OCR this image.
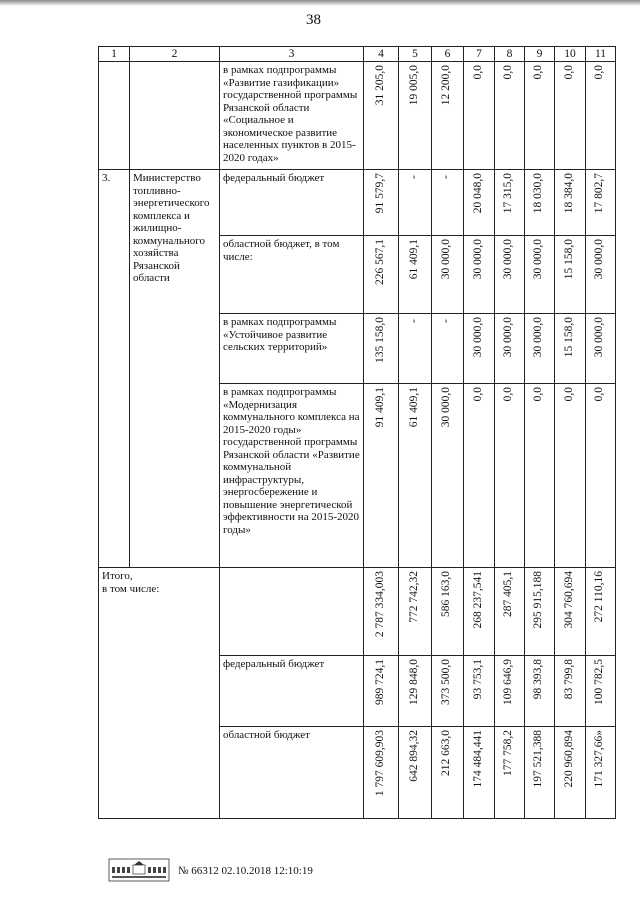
38
1	2	3	4	5	6	7	8	9	10	11
		в рамках подпрограммы «Развитие газификации» государственной программы Рязанской области «Социальное и экономическое развитие населенных пунктов в 2015-2020 годах»	31 205,0	19 005,0	12 200,0	0,0	0,0	0,0	0,0	0,0
3.	Министерство топливно-энергетического комплекса и жилищно-коммунального хозяйства Рязанской области	федеральный бюджет	91 579,7	-	-	20 048,0	17 315,0	18 030,0	18 384,0	17 802,7
		областной бюджет, в том числе:	226 567,1	61 409,1	30 000,0	30 000,0	30 000,0	30 000,0	15 158,0	30 000,0
		в рамках подпрограммы «Устойчивое развитие сельских территорий»	135 158,0	-	-	30 000,0	30 000,0	30 000,0	15 158,0	30 000,0
		в рамках подпрограммы «Модернизация коммунального комплекса на 2015-2020 годы» государственной программы Рязанской области «Развитие коммунальной инфраструктуры, энергосбережение и повышение энергетической эффективности на 2015-2020 годы»	91 409,1	61 409,1	30 000,0	0,0	0,0	0,0	0,0	0,0
Итого,
в том числе:			2 787 334,003	772 742,32	586 163,0	268 237,541	287 405,1	295 915,188	304 760,694	272 110,16
		федеральный бюджет	989 724,1	129 848,0	373 500,0	93 753,1	109 646,9	98 393,8	83 799,8	100 782,5
		областной бюджет	1 797 609,903	642 894,32	212 663,0	174 484,441	177 758,2	197 521,388	220 960,894	171 327,66»
№ 66312 02.10.2018 12:10:19
